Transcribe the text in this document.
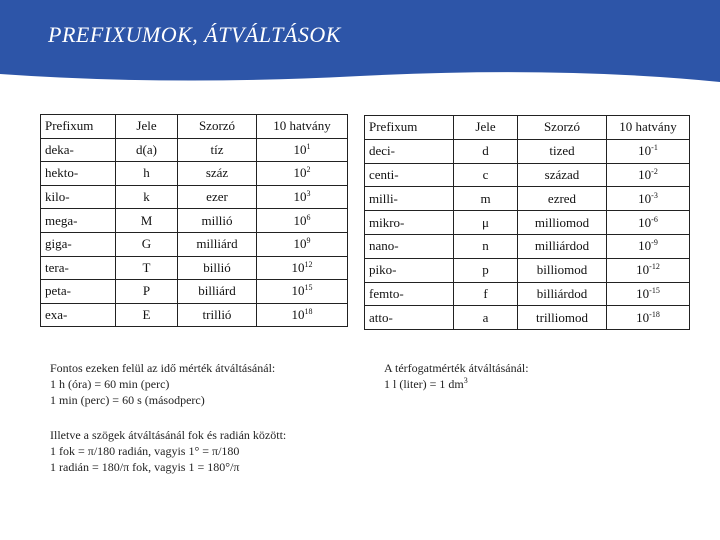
PREFIXUMOK, ÁTVÁLTÁSOK
Prefixum	Jele	Szorzó	10 hatvány
deka-	d(a)	tíz	$10^1$
hekto-	h	száz	$10^2$
kilo-	k	ezer	$10^3$
mega-	M	millió	$10^6$
giga-	G	milliárd	$10^9$
tera-	T	billió	$10^{12}$
peta-	P	billiárd	$10^{15}$
exa-	E	trillió	$10^{18}$
Prefixum	Jele	Szorzó	10 hatvány
deci-	d	tized	$10^{-1}$
centi-	c	század	$10^{-2}$
milli-	m	ezred	$10^{-3}$
mikro-	μ	milliomod	$10^{-6}$
nano-	n	milliárdod	$10^{-9}$
piko-	p	billiomod	$10^{-12}$
femto-	f	billiárdod	$10^{-15}$
atto-	a	trilliomod	$10^{-18}$
Fontos ezeken felül az idő mérték átváltásánál:
1 h (óra) = 60 min (perc)
1 min (perc) = 60 s (másodperc)
Illetve a szögek átváltásánál fok és radián között:
1 fok = π/180 radián, vagyis 1° = π/180
1 radián = 180/π fok, vagyis 1 = 180°/π
A térfogatmérték átváltásánál:
1 l (liter) = 1 $dm^3$
